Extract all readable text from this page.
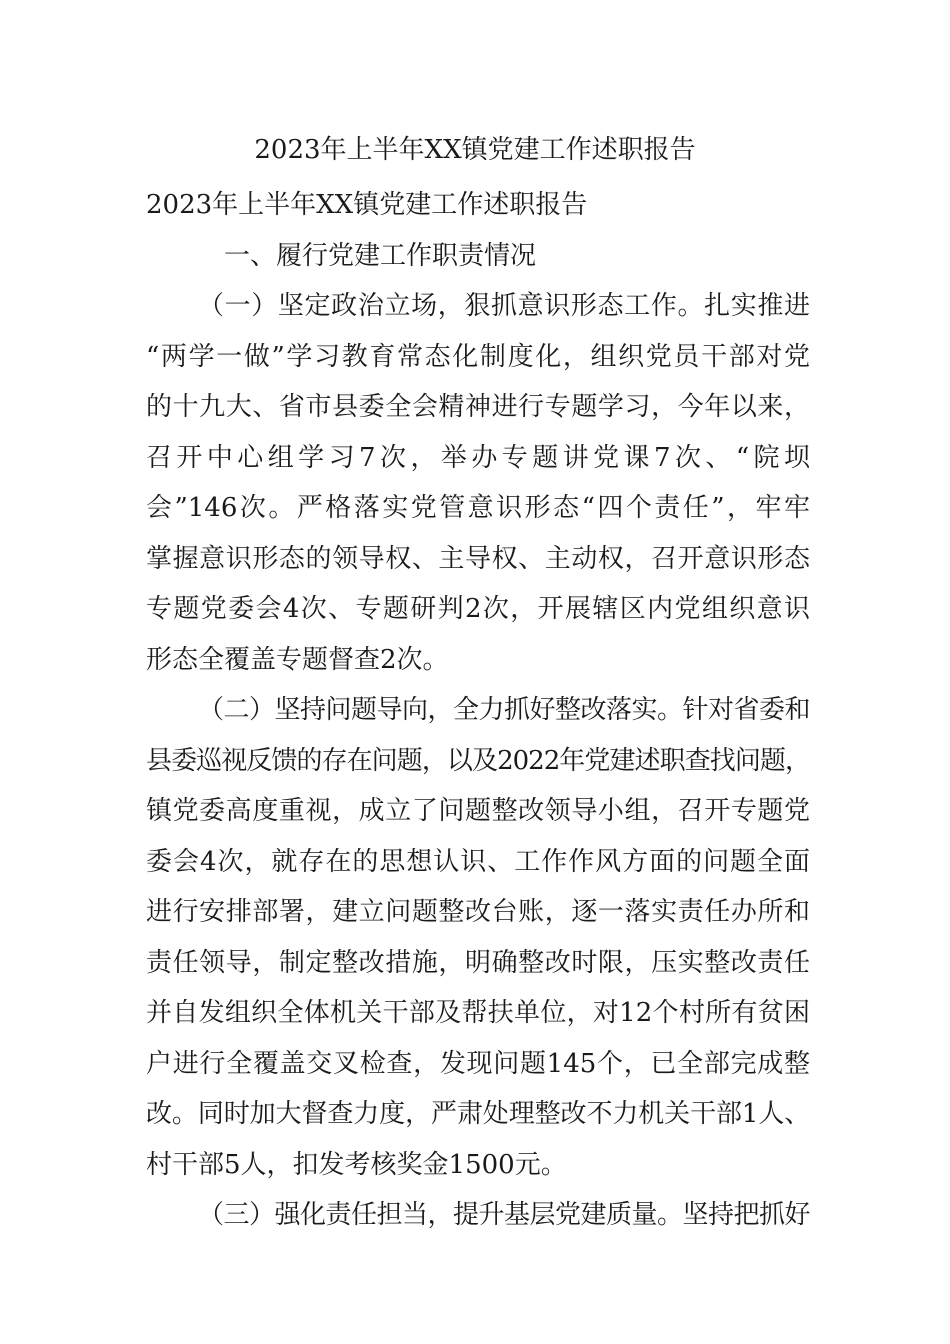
2023年上半年XX镇党建工作述职报告

2023年上半年XX镇党建工作述职报告

一、履行党建工作职责情况

（一）坚定政治立场，狠抓意识形态工作。扎实推进

“两学一做”学习教育常态化制度化，组织党员干部对党

的十九大、省市县委全会精神进行专题学习，今年以来，

召开中心组学习7次，举办专题讲党课7次、“院坝

会”146次。严格落实党管意识形态“四个责任”，牢牢

掌握意识形态的领导权、主导权、主动权，召开意识形态

专题党委会4次、专题研判2次，开展辖区内党组织意识

形态全覆盖专题督查2次。

（二）坚持问题导向，全力抓好整改落实。针对省委和

县委巡视反馈的存在问题，以及2022年党建述职查找问题，

镇党委高度重视，成立了问题整改领导小组，召开专题党

委会4次，就存在的思想认识、工作作风方面的问题全面

进行安排部署，建立问题整改台账，逐一落实责任办所和

责任领导，制定整改措施，明确整改时限，压实整改责任

并自发组织全体机关干部及帮扶单位，对12个村所有贫困

户进行全覆盖交叉检查，发现问题145个，已全部完成整

改。同时加大督查力度，严肃处理整改不力机关干部1人、

村干部5人，扣发考核奖金1500元。

（三）强化责任担当，提升基层党建质量。坚持把抓好
